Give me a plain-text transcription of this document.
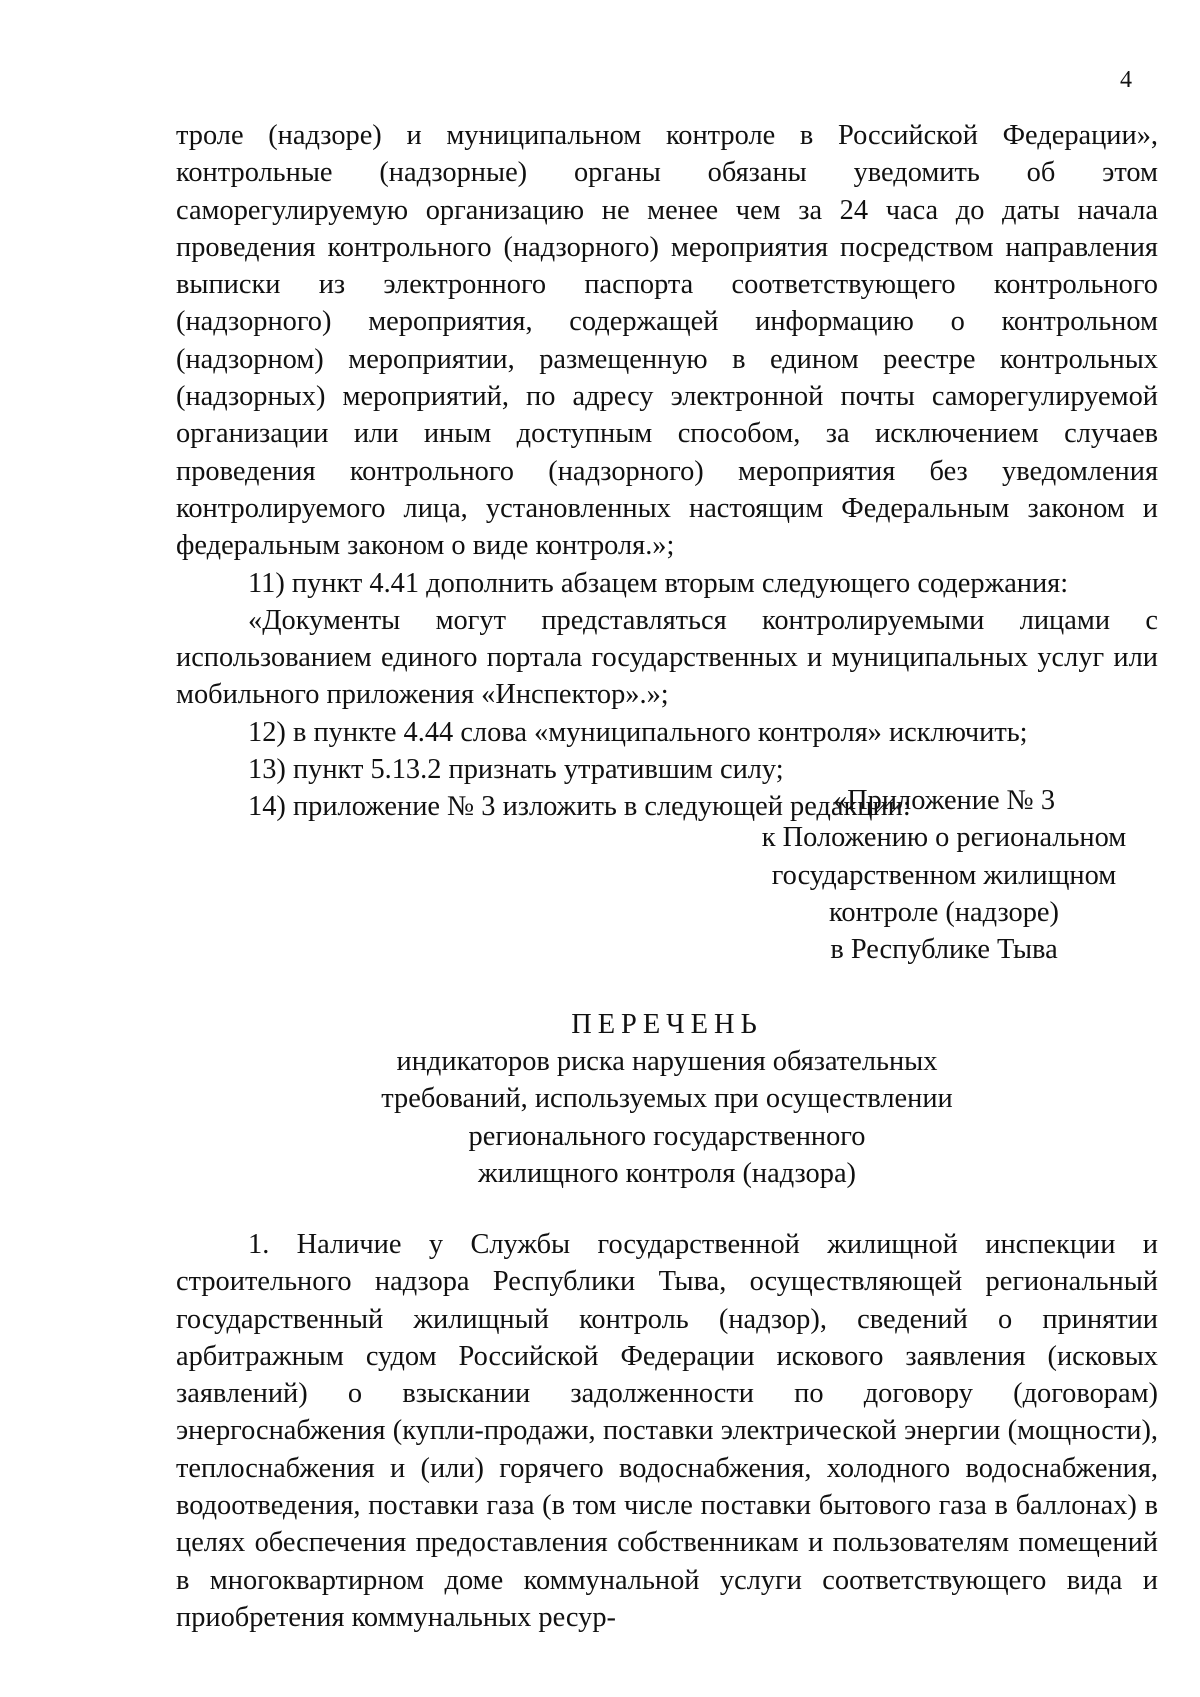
4

троле (надзоре) и муниципальном контроле в Российской Федерации», контрольные (надзорные) органы обязаны уведомить об этом саморегулируемую организацию не менее чем за 24 часа до даты начала проведения контрольного (надзорного) мероприятия посредством направления выписки из электронного паспорта соответствующего контрольного (надзорного) мероприятия, содержащей информацию о контрольном (надзорном) мероприятии, размещенную в едином реестре контрольных (надзорных) мероприятий, по адресу электронной почты саморегулируемой организации или иным доступным способом, за исключением случаев проведения контрольного (надзорного) мероприятия без уведомления контролируемого лица, установленных настоящим Федеральным законом и федеральным законом о виде контроля.»;

11) пункт 4.41 дополнить абзацем вторым следующего содержания:

«Документы могут представляться контролируемыми лицами с использованием единого портала государственных и муниципальных услуг или мобильного приложения «Инспектор».»;

12) в пункте 4.44 слова «муниципального контроля» исключить;

13) пункт 5.13.2 признать утратившим силу;

14) приложение № 3 изложить в следующей редакции:

«Приложение № 3
к Положению о региональном
государственном жилищном
контроле (надзоре)
в Республике Тыва
ПЕРЕЧЕНЬ
индикаторов риска нарушения обязательных
требований, используемых при осуществлении
регионального государственного
жилищного контроля (надзора)

1. Наличие у Службы государственной жилищной инспекции и строительного надзора Республики Тыва, осуществляющей региональный государственный жилищный контроль (надзор), сведений о принятии арбитражным судом Российской Федерации искового заявления (исковых заявлений) о взыскании задолженности по договору (договорам) энергоснабжения (купли-продажи, поставки электрической энергии (мощности), теплоснабжения и (или) горячего водоснабжения, холодного водоснабжения, водоотведения, поставки газа (в том числе поставки бытового газа в баллонах) в целях обеспечения предоставления собственникам и пользователям помещений в многоквартирном доме коммунальной услуги соответствующего вида и приобретения коммунальных ресур-
